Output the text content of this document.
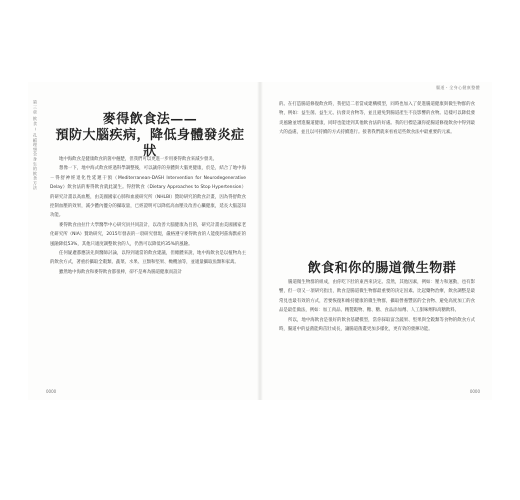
第三章 飲食 ─ 孔絕理想全身生的飲食方法	麥得飲食法——
預防大腦疾病，降低身體發炎症狀

地中海飲食是健康飲食的箇中翹楚，但我們可以更進一步用麥得飲食來減少發炎。

想像一下，地中海式飲食經過科學調整後，可以讓你的身體與大腦更健康，於是，結合了地中海－得舒神經退化性延遲干預（Mediterranean-DASH Intervention for Neurodegenerative Delay）飲食法的麥得飲食就此誕生。得舒飲食（Dietary Approaches to Stop Hypertension）的研究計畫以高血壓，由美國國家心肺和血液研究所（NHLBI）贊助研究的飲食計畫，因為得舒飲食控制血壓的效果，減少體內鹽分的攝取量，已經證明可以降低高血壓及改善心臟健康，延長大腦認知功能。

麥得飲食由拉什大學醫學中心研究員共同設計，以改善大腦健康為目的，研究計畫由美國國家老化研究所（NIA）贊助研究，2015年發表的一項研究發現，嚴格遵守麥得飲食的人能使阿茲海默症的風險降低53%，其他只適度調整飲食的人，仍然可以降低約35%的風險。

任何疑慮都應該先與醫師討論，以得到適當的飲食建議，但總體來說，地中海飲食是以植物為主的飲食方式，著重於攝取全穀類、蔬菜、水果、豆類和堅果、橄欖油等，並適量攝取魚類和家禽。

雖然地中海飲食和麥得飲食都很棒，卻不是專為腸道健康而設計

0000
腸道・全身心健康整體

的。在打造腸道修復飲食時，我把這二者當成建構模型，同時也加入了促進腸道健康與微生物群的食物，例如：益生菌、益生元、抗發炎食物等，並且避免對腸道產生不良影響的食物。這樣可以降低發炎風險並增進腸道健康，同時也能達到其他飲食法的好處。我的目標是讓你從腸道修復飲食中得到最大的益處，並且以可持續的方式持續進行。接著我們就來看看這些飲食法中最重要的元素。

飲食和你的腸道微生物群

腸道微生物群的組成，由你吃下肚的東西來決定。當然，其他因素，例如：壓力和運動，也有影響，但一項又一項研究指出，飲食是腸道微生物群最重要的決定因素。比起藥物治療，飲食調整是最常見也最有效的方式，若要恢復和維持健康的微生物群，攝取營養豐富的全食物、避免高度加工的食品是最佳做法，例如：加工肉品、精製穀物、糖、糖、食品添加劑、人工甜味劑和高糖飲料。

所以，地中海飲食是很好的飲食基礎模型，當你採取富含蔬果、堅果與全穀類等食物的飲食方式時，腸道中的益菌能夠茁壯成長，讓腸道菌叢更加多樣化，更有效的發揮功能。

0000
